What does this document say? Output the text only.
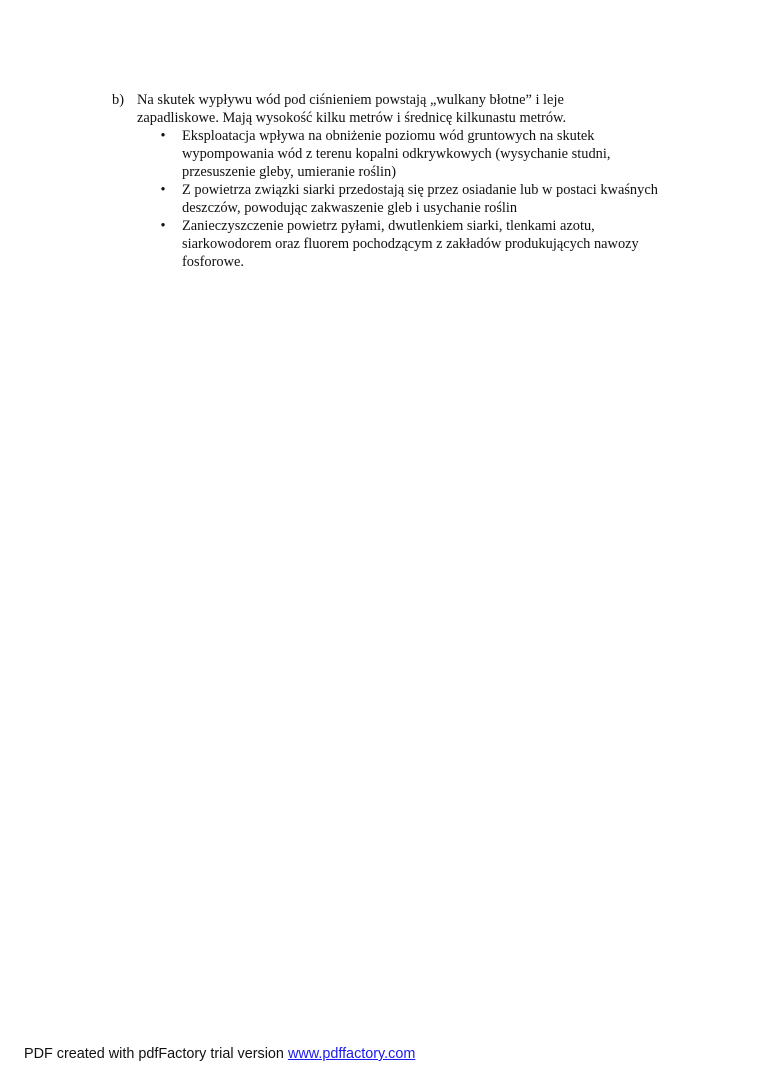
b) Na skutek wypływu wód pod ciśnieniem powstają „wulkany błotne” i leje zapadliskowe. Mają wysokość kilku metrów i średnicę kilkunastu metrów.
• Eksploatacja wpływa na obniżenie poziomu wód gruntowych na skutek wypompowania wód z terenu kopalni odkrywkowych (wysychanie studni, przesuszenie gleby, umieranie roślin)
• Z powietrza związki siarki przedostają się przez osiadanie lub w postaci kwaśnych deszczów, powodując zakwaszenie gleb i usychanie roślin
• Zanieczyszczenie powietrz pyłami, dwutlenkiem siarki, tlenkami azotu, siarkowodorem oraz fluorem pochodzącym z zakładów produkujących nawozy fosforowe.
PDF created with pdfFactory trial version www.pdffactory.com
